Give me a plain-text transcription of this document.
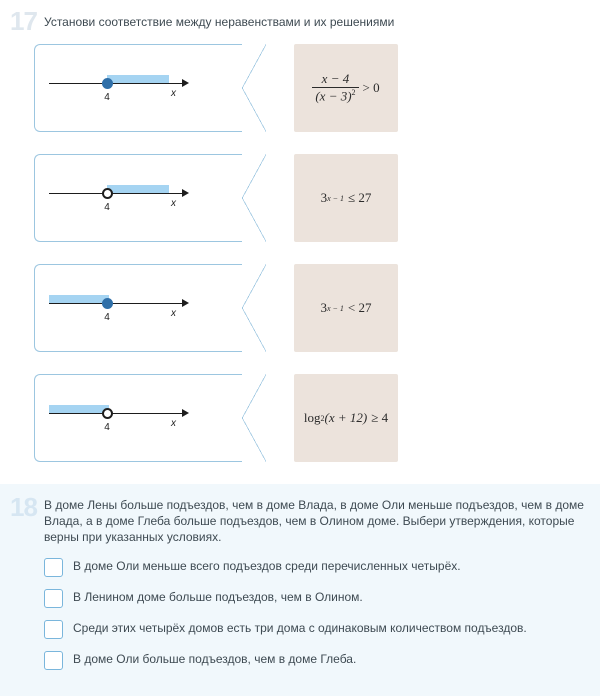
17 Установи соответствие между неравенствами и их решениями
4	x	$\frac{x - 4}{(x - 3)^2} > 0$
4	x	3 x − 1 ≤ 27
4	x	3 x − 1 < 27
4	x	log 2 (x + 12) ≥ 4
18 В доме Лены больше подъездов, чем в доме Влада, в доме Оли меньше подъездов, чем в доме Влада, а в доме Глеба больше подъездов, чем в Олином доме. Выбери утверждения, которые верны при указанных условиях.
В доме Оли меньше всего подъездов среди перечисленных четырёх.
В Ленином доме больше подъездов, чем в Олином.
Среди этих четырёх домов есть три дома с одинаковым количеством подъездов.
В доме Оли больше подъездов, чем в доме Глеба.
